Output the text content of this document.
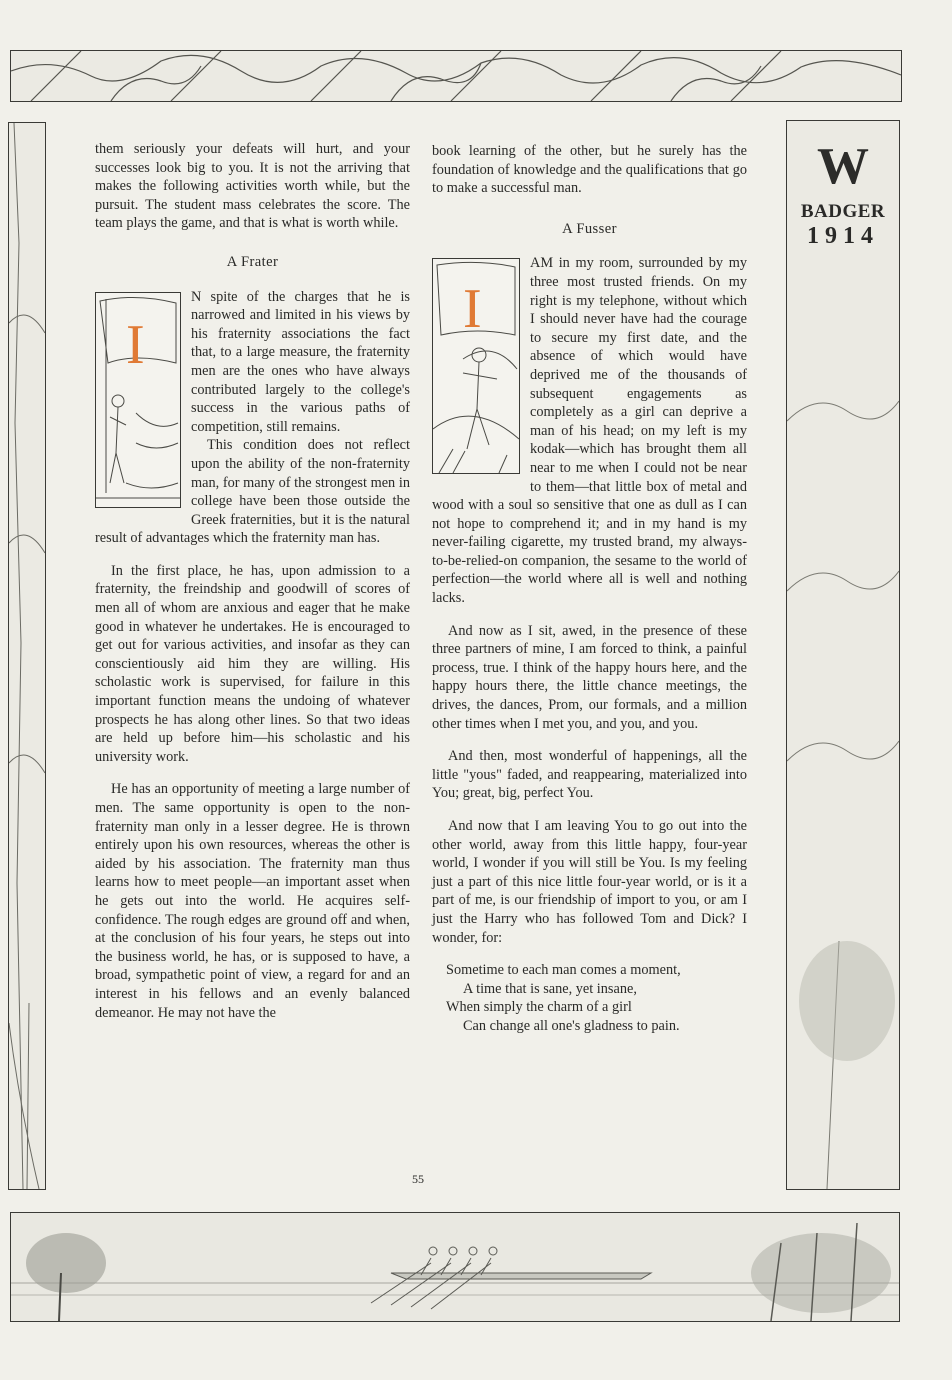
W
BADGER
1914

them seriously your defeats will hurt, and your successes look big to you. It is not the arriving that makes the following activities worth while, but the pursuit. The student mass celebrates the score. The team plays the game, and that is what is worth while.

A Frater
I

N spite of the charges that he is narrowed and limited in his views by his fraternity associations the fact that, to a large measure, the fraternity men are the ones who have always contributed largely to the college's success in the various paths of competition, still remains.

This condition does not reflect upon the ability of the non-fraternity man, for many of the strongest men in college have been those outside the Greek fraternities, but it is the natural result of advantages which the fraternity man has.

In the first place, he has, upon admission to a fraternity, the freindship and goodwill of scores of men all of whom are anxious and eager that he make good in whatever he undertakes. He is encouraged to get out for various activities, and insofar as they can conscientiously aid him they are willing. His scholastic work is supervised, for failure in this important function means the undoing of whatever prospects he has along other lines. So that two ideas are held up before him—his scholastic and his university work.

He has an opportunity of meeting a large number of men. The same opportunity is open to the non-fraternity man only in a lesser degree. He is thrown entirely upon his own resources, whereas the other is aided by his association. The fraternity man thus learns how to meet people—an important asset when he gets out into the world. He acquires self-confidence. The rough edges are ground off and when, at the conclusion of his four years, he steps out into the business world, he has, or is supposed to have, a broad, sympathetic point of view, a regard for and an interest in his fellows and an evenly balanced demeanor. He may not have the

book learning of the other, but he surely has the foundation of knowledge and the qualifications that go to make a successful man.

A Fusser
I

AM in my room, surrounded by my three most trusted friends. On my right is my telephone, without which I should never have had the courage to secure my first date, and the absence of which would have deprived me of the thousands of subsequent engagements as completely as a girl can deprive a man of his head; on my left is my kodak—which has brought them all near to me when I could not be near to them—that little box of metal and wood with a soul so sensitive that one as dull as I can not hope to comprehend it; and in my hand is my never-failing cigarette, my trusted brand, my always-to-be-relied-on companion, the sesame to the world of perfection—the world where all is well and nothing lacks.

And now as I sit, awed, in the presence of these three partners of mine, I am forced to think, a painful process, true. I think of the happy hours here, and the happy hours there, the little chance meetings, the drives, the dances, Prom, our formals, and a million other times when I met you, and you, and you.

And then, most wonderful of happenings, all the little "yous" faded, and reappearing, materialized into You; great, big, perfect You.

And now that I am leaving You to go out into the other world, away from this little happy, four-year world, I wonder if you will still be You. Is my feeling just a part of this nice little four-year world, or is it a part of me, is our friendship of import to you, or am I just the Harry who has followed Tom and Dick? I wonder, for:

Sometime to each man comes a moment,
A time that is sane, yet insane,
When simply the charm of a girl
Can change all one's gladness to pain.
55
